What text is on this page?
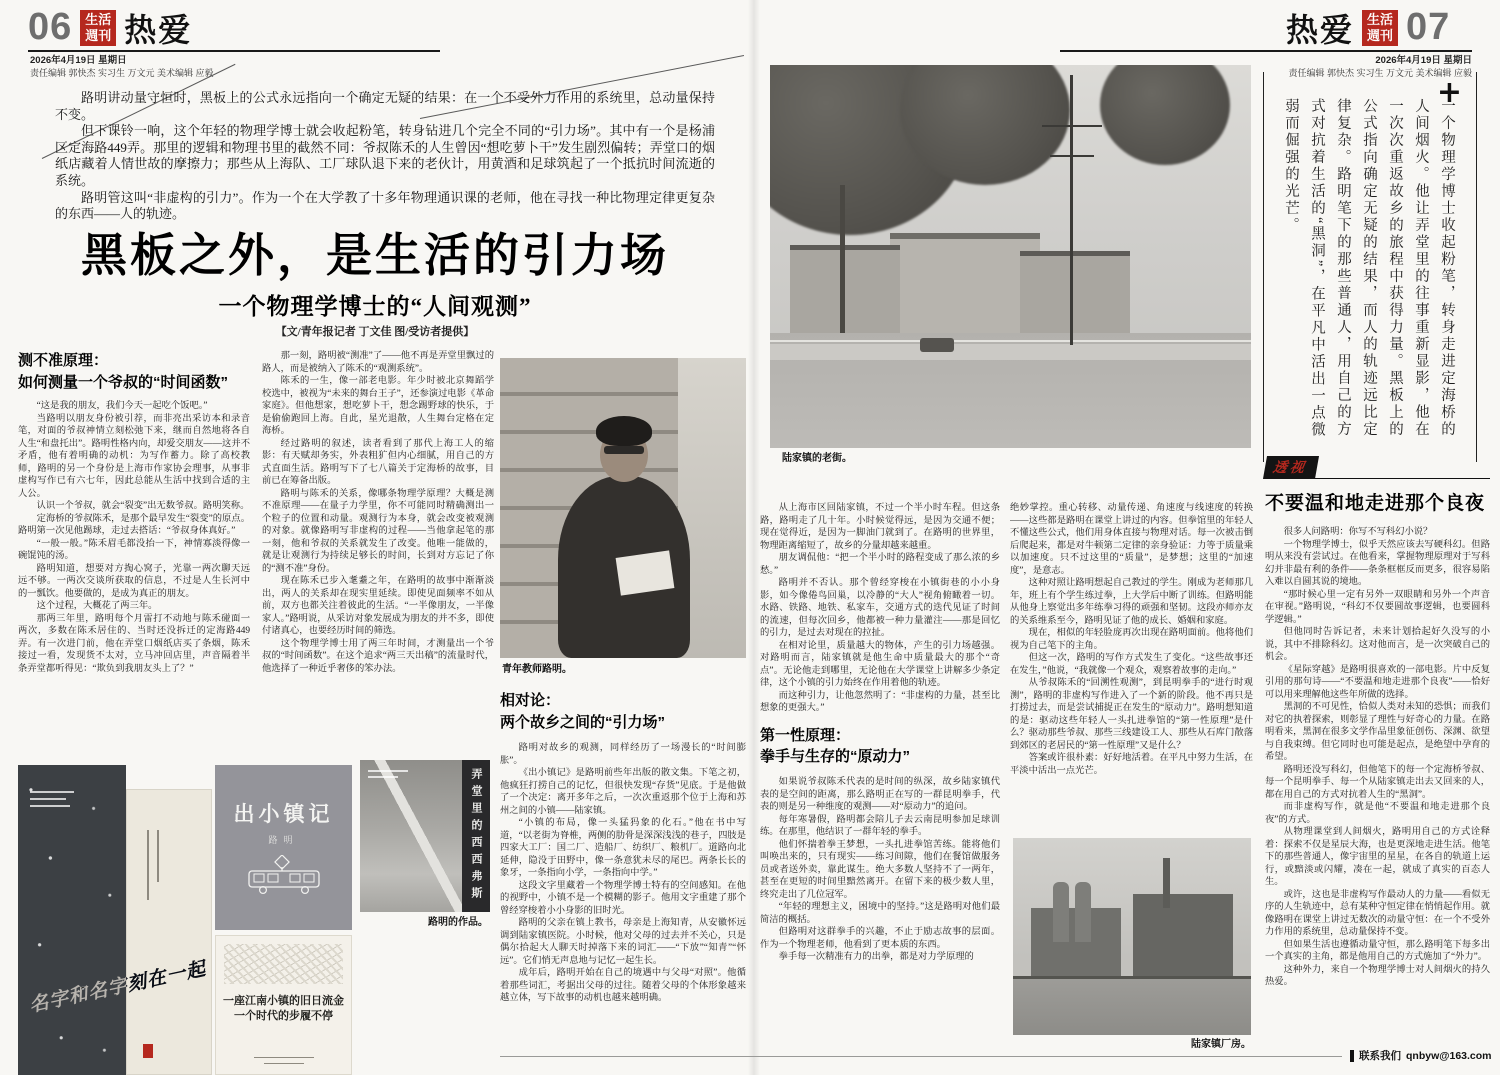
06 生活
週刊 热爱
2026年4月19日 星期日
责任编辑 郭快杰 实习生 万文元 美术编辑 应毅
热爱 生活
週刊 07
2026年4月19日 星期日
责任编辑 郭快杰 实习生 万文元 美术编辑 应毅

路明讲动量守恒时，黑板上的公式永远指向一个确定无疑的结果：在一个不受外力作用的系统里，总动量保持不变。

但下课铃一响，这个年轻的物理学博士就会收起粉笔，转身钻进几个完全不同的“引力场”。其中有一个是杨浦区定海路449弄。那里的逻辑和物理书里的截然不同：爷叔陈禾的人生曾因“想吃萝卜干”发生剧烈偏转；弄堂口的烟纸店藏着人情世故的摩擦力；那些从上海队、工厂球队退下来的老伙计，用黄酒和足球筑起了一个抵抗时间流逝的系统。

路明管这叫“非虚构的引力”。作为一个在大学教了十多年物理通识课的老师，他在寻找一种比物理定律更复杂的东西——人的轨迹。

黑板之外，是生活的引力场
一个物理学博士的“人间观测”
【文/青年报记者 丁文佳 图/受访者提供】
测不准原理：
如何测量一个爷叔的“时间函数”

“这是我的朋友，我们今天一起吃个饭吧。”

当路明以朋友身份被引荐，而非亮出采访本和录音笔，对面的爷叔神情立刻松弛下来，继而自然地将各自人生“和盘托出”。路明性格内向，却爱交朋友——这并不矛盾，他有着明确的动机：为写作蓄力。除了高校教师，路明的另一个身份是上海市作家协会理事，从事非虚构写作已有六七年，因此总能从生活中找到合适的主人公。

认识一个爷叔，就会“裂变”出无数爷叔。路明笑称。

定海桥的爷叔陈禾，是那个最早发生“裂变”的原点。路明第一次见他踢球，走过去搭话：“爷叔身体真好。”

“一般一般。”陈禾眉毛都没抬一下，神情寡淡得像一碗馄饨的汤。

路明知道，想要对方掏心窝子，光靠一两次聊天远远不够。一两次交谈所获取的信息，不过是人生长河中的一瓢饮。他要做的，是成为真正的朋友。

这个过程，大概花了两三年。

那两三年里，路明每个月雷打不动地与陈禾碰面一两次，多数在陈禾居住的、当时还没拆迁的定海路449弄。有一次进门前，他在弄堂口烟纸店买了条烟，陈禾接过一看，发现货不太对，立马冲回店里，声音隔着半条弄堂都听得见：“欺负到我朋友头上了？”

那一刻，路明被“测准”了——他不再是弄堂里飘过的路人，而是被纳入了陈禾的“观测系统”。

陈禾的一生，像一部老电影。年少时被北京舞蹈学校选中，被视为“未来的舞台王子”，还参演过电影《革命家庭》。但他想家，想吃萝卜干，想念踢野球的快乐，于是偷偷跑回上海。自此，星光退散，人生舞台定格在定海桥。

经过路明的叙述，读者看到了那代上海工人的缩影：有天赋却务实，外表粗犷但内心细腻，用自己的方式直面生活。路明写下了七八篇关于定海桥的故事，目前已在筹备出版。

路明与陈禾的关系，像哪条物理学原理？大概是测不准原理——在量子力学里，你不可能同时精确测出一个粒子的位置和动量。观测行为本身，就会改变被观测的对象。就像路明写非虚构的过程——当他拿起笔的那一刻，他和爷叔的关系就发生了改变。他唯一能做的，就是让观测行为持续足够长的时间，长到对方忘记了你的“测不准”身份。

现在陈禾已步入耄耋之年，在路明的故事中渐渐淡出，两人的关系却在现实里延续。即使见面频率不如从前，双方也都关注着彼此的生活。“一半像朋友，一半像家人。”路明说，从采访对象发展成为朋友的并不多，即使付诸真心，也要经历时间的筛选。

这个物理学博士用了两三年时间，才测量出一个爷叔的“时间函数”。在这个追求“两三天出稿”的流量时代，他选择了一种近乎奢侈的笨办法。	青年教师路明。
相对论：
两个故乡之间的“引力场”

路明对故乡的观测，同样经历了一场漫长的“时间膨胀”。

《出小镇记》是路明前些年出版的散文集。下笔之初，他疯狂打捞自己的记忆，但很快发现“存货”见底。于是他做了一个决定：离开多年之后，一次次重返那个位于上海和苏州之间的小镇——陆家镇。

“小镇的布局，像一头猛犸象的化石。”他在书中写道，“以老街为脊椎，两侧的肋骨是深深浅浅的巷子，四肢是四家大工厂：国二厂、造船厂、纺织厂、粮机厂。道路向北延伸，隐没于田野中，像一条意犹未尽的尾巴。两条长长的象牙，一条指向小学，一条指向中学。”

这段文字里藏着一个物理学博士特有的空间感知。在他的视野中，小镇不是一个模糊的影子。他用文字重建了那个曾经穿梭着小小身影的旧时光。

路明的父亲在镇上教书，母亲是上海知青，从安徽怀远调到陆家镇医院。小时候，他对父母的过去并不关心，只是偶尔拾起大人聊天时掉落下来的词汇——“下放”“知青”“怀远”。它们悄无声息地与记忆一起生长。

成年后，路明开始在自己的境遇中与父母“对照”。他循着那些词汇，考据出父母的过往。随着父母的个体形象越来越立体，写下故事的动机也越来越明确。

陆家镇的老街。

从上海市区回陆家镇，不过一个半小时车程。但这条路，路明走了几十年。小时候觉得远，是因为交通不便；现在觉得近，是因为一脚油门就到了。在路明的世界里，物理距离缩短了，故乡的分量却越来越重。

朋友调侃他：“把一个半小时的路程变成了那么浓的乡愁。”

路明并不否认。那个曾经穿梭在小镇街巷的小小身影，如今像倦鸟回巢，以冷静的“大人”视角俯瞰着一切。水路、铁路、地铁、私家车，交通方式的迭代见证了时间的流速，但每次回乡，他都被一种力量灌注——那是回忆的引力，是过去对现在的拉扯。

在相对论里，质量越大的物体，产生的引力场越强。对路明而言，陆家镇就是他生命中质量最大的那个“奇点”。无论他走到哪里，无论他在大学课堂上讲解多少条定律，这个小镇的引力始终在作用着他的轨迹。

而这种引力，让他忽然明了：“非虚构的力量，甚至比想象的更强大。”

第一性原理：
拳手与生存的“原动力”

如果说爷叔陈禾代表的是时间的纵深，故乡陆家镇代表的是空间的距离，那么路明正在写的一群昆明拳手，代表的则是另一种维度的观测——对“原动力”的追问。

每年寒暑假，路明都会陪儿子去云南昆明参加足球训练。在那里，他结识了一群年轻的拳手。

他们怀揣着拳王梦想，一头扎进拳馆苦练。能将他们叫唤出来的，只有现实——练习间隙，他们在餐馆做服务员或者送外卖，靠此谋生。绝大多数人坚持不了一两年，甚至在更短的时间里黯然离开。在留下来的极少数人里，终究走出了几位冠军。

“年轻的理想主义，困境中的坚持。”这是路明对他们最简洁的概括。

但路明对这群拳手的兴趣，不止于励志故事的层面。作为一个物理老师，他看到了更本质的东西。

拳手每一次精准有力的出拳，都是对力学原理的

绝妙掌控。重心转移、动量传递、角速度与线速度的转换——这些都是路明在课堂上讲过的内容。但拳馆里的年轻人不懂这些公式，他们用身体直接与物理对话。每一次被击倒后爬起来，都是对牛顿第二定律的亲身验证：力等于质量乘以加速度。只不过这里的“质量”，是梦想；这里的“加速度”，是意志。

这种对照让路明想起自己教过的学生。刚成为老师那几年，班上有个学生练过拳，上大学后中断了训练。但路明能从他身上察觉出多年练拳习得的顽强和坚韧。这段亦师亦友的关系维系至今，路明见证了他的成长、婚姻和家庭。

现在，相似的年轻脸庞再次出现在路明面前。他将他们视为自己笔下的主角。

但这一次，路明的写作方式发生了变化。“这些故事还在发生，”他说，“我就像一个观众，观察着故事的走向。”

从爷叔陈禾的“回溯性观测”，到昆明拳手的“进行时观测”，路明的非虚构写作进入了一个新的阶段。他不再只是打捞过去，而是尝试捕捉正在发生的“原动力”。路明想知道的是：驱动这些年轻人一头扎进拳馆的“第一性原理”是什么？驱动那些爷叔、那些三线建设工人、那些从石库门散落到郊区的老居民的“第一性原理”又是什么？

答案或许很朴素：好好地活着。在平凡中努力生活，在平淡中活出一点光芒。

陆家镇厂房。
名字和名字刻在一起
出小镇记
路明
一座江南小镇的旧日流金
一个时代的步履不停
弄堂里的西西弗斯
路明的作品。
+
一个物理学博士收起粉笔，转身走进定海桥的人间烟火。他让弄堂里的往事重新显影，他在一次次重返故乡的旅程中获得力量。黑板上的公式指向确定无疑的结果，而人的轨迹远比定律复杂。路明笔下的那些普通人，用自己的方式对抗着生活的“黑洞”，在平凡中活出一点微弱而倔强的光芒。
透视
不要温和地走进那个良夜

很多人问路明：你写不写科幻小说？

一个物理学博士，似乎天然应该去写硬科幻。但路明从来没有尝试过。在他看来，掌握物理原理对于写科幻并非最有利的条件——条条框框反而更多，很容易陷入难以自圆其说的境地。

“那时候心里一定有另外一双眼睛和另外一个声音在审视。”路明说，“科幻不仅要圆故事逻辑，也要圆科学逻辑。”

但他同时告诉记者，未来计划拾起好久没写的小说，其中不排除科幻。这对他而言，是一次突破自己的机会。

《星际穿越》是路明很喜欢的一部电影。片中反复引用的那句诗——“不要温和地走进那个良夜”——恰好可以用来理解他这些年所做的选择。

黑洞的不可见性，恰似人类对未知的恐惧；而我们对它的执着探索，则彰显了理性与好奇心的力量。在路明看来，黑洞在很多文学作品里象征创伤、深渊、欲望与自我束缚。但它同时也可能是起点，是绝望中孕育的希望。

路明还没写科幻，但他笔下的每一个定海桥爷叔、每一个昆明拳手、每一个从陆家镇走出去又回来的人，都在用自己的方式对抗着人生的“黑洞”。

而非虚构写作，就是他“不要温和地走进那个良夜”的方式。

从物理课堂到人间烟火，路明用自己的方式诠释着：探索不仅是星辰大海，也是更深地走进生活。他笔下的那些普通人，像宇宙里的星星，在各自的轨道上运行，或黯淡或闪耀，凑在一起，就成了真实的百态人生。

或许，这也是非虚构写作最动人的力量——看似无序的人生轨迹中，总有某种守恒定律在悄悄起作用。就像路明在课堂上讲过无数次的动量守恒：在一个不受外力作用的系统里，总动量保持不变。

但如果生活也遵循动量守恒，那么路明笔下每多出一个真实的主角，都是他用自己的方式施加了“外力”。

这种外力，来自一个物理学博士对人间烟火的持久热爱。

联系我们 qnbyw@163.com
